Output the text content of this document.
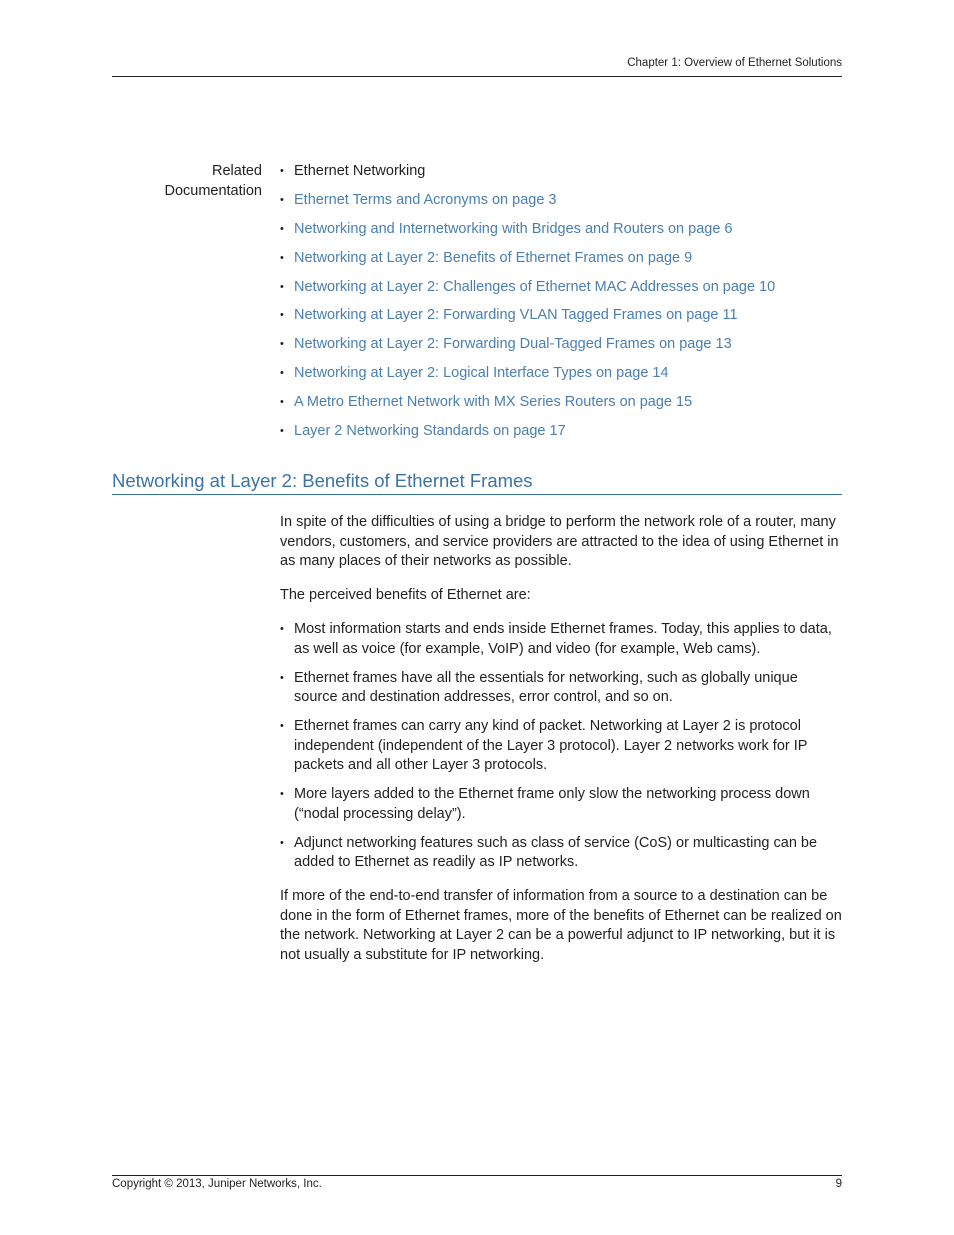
Chapter 1: Overview of Ethernet Solutions
Related
Documentation
• Ethernet Networking
• Ethernet Terms and Acronyms on page 3
• Networking and Internetworking with Bridges and Routers on page 6
• Networking at Layer 2: Benefits of Ethernet Frames on page 9
• Networking at Layer 2: Challenges of Ethernet MAC Addresses on page 10
• Networking at Layer 2: Forwarding VLAN Tagged Frames on page 11
• Networking at Layer 2: Forwarding Dual-Tagged Frames on page 13
• Networking at Layer 2: Logical Interface Types on page 14
• A Metro Ethernet Network with MX Series Routers on page 15
• Layer 2 Networking Standards on page 17
Networking at Layer 2: Benefits of Ethernet Frames

In spite of the difficulties of using a bridge to perform the network role of a router, many vendors, customers, and service providers are attracted to the idea of using Ethernet in as many places of their networks as possible.

The perceived benefits of Ethernet are:

• Most information starts and ends inside Ethernet frames. Today, this applies to data, as well as voice (for example, VoIP) and video (for example, Web cams).
• Ethernet frames have all the essentials for networking, such as globally unique source and destination addresses, error control, and so on.
• Ethernet frames can carry any kind of packet. Networking at Layer 2 is protocol independent (independent of the Layer 3 protocol). Layer 2 networks work for IP packets and all other Layer 3 protocols.
• More layers added to the Ethernet frame only slow the networking process down (“nodal processing delay”).
• Adjunct networking features such as class of service (CoS) or multicasting can be added to Ethernet as readily as IP networks.

If more of the end-to-end transfer of information from a source to a destination can be done in the form of Ethernet frames, more of the benefits of Ethernet can be realized on the network. Networking at Layer 2 can be a powerful adjunct to IP networking, but it is not usually a substitute for IP networking.

Copyright © 2013, Juniper Networks, Inc.	9
